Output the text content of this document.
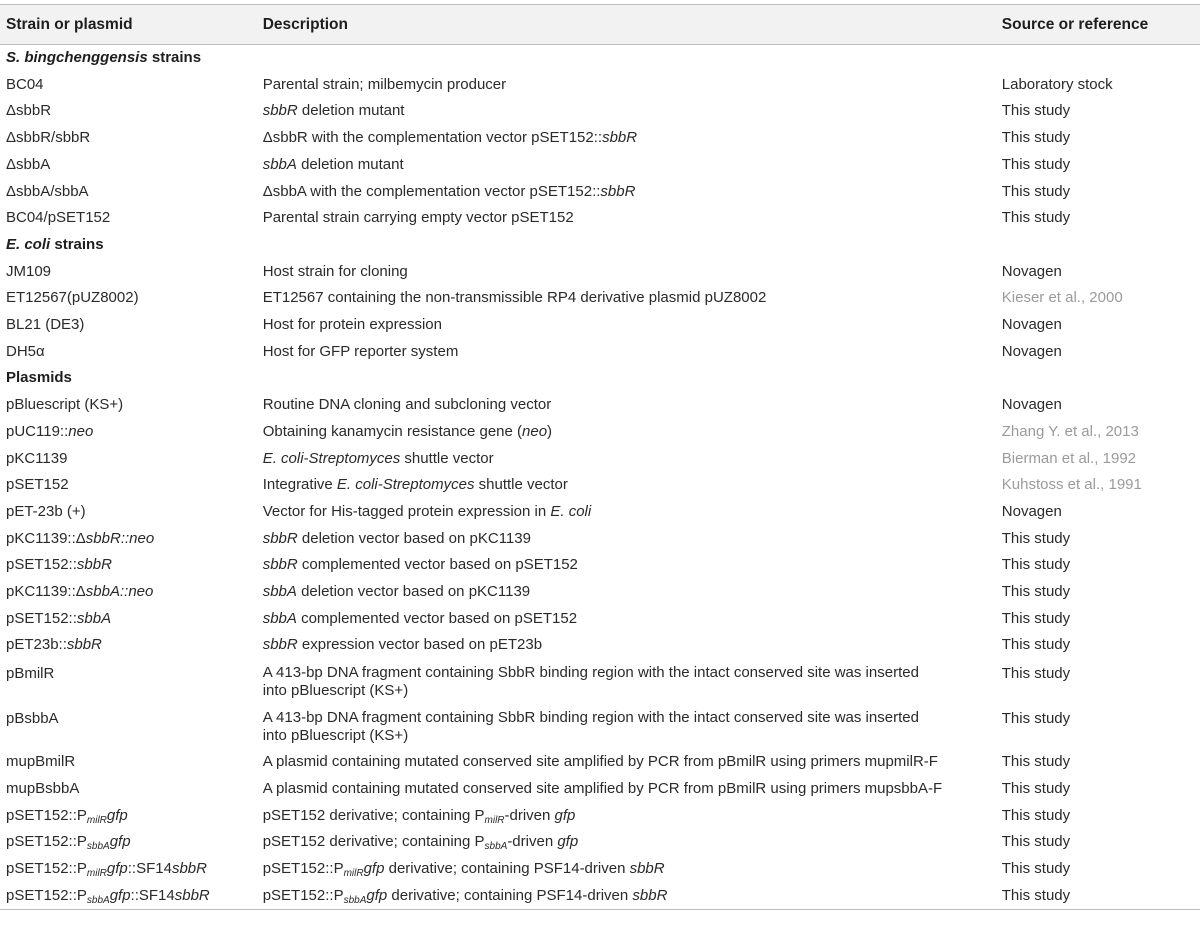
Strain or plasmid	Description	Source or reference
S. bingchenggensis strains		
BC04	Parental strain; milbemycin producer	Laboratory stock
ΔsbbR	sbbR deletion mutant	This study
ΔsbbR/sbbR	ΔsbbR with the complementation vector pSET152::sbbR	This study
ΔsbbA	sbbA deletion mutant	This study
ΔsbbA/sbbA	ΔsbbA with the complementation vector pSET152::sbbR	This study
BC04/pSET152	Parental strain carrying empty vector pSET152	This study
E. coli strains		
JM109	Host strain for cloning	Novagen
ET12567(pUZ8002)	ET12567 containing the non-transmissible RP4 derivative plasmid pUZ8002	Kieser et al., 2000
BL21 (DE3)	Host for protein expression	Novagen
DH5α	Host for GFP reporter system	Novagen
Plasmids		
pBluescript (KS+)	Routine DNA cloning and subcloning vector	Novagen
pUC119::neo	Obtaining kanamycin resistance gene (neo)	Zhang Y. et al., 2013
pKC1139	E. coli-Streptomyces shuttle vector	Bierman et al., 1992
pSET152	Integrative E. coli-Streptomyces shuttle vector	Kuhstoss et al., 1991
pET-23b (+)	Vector for His-tagged protein expression in E. coli	Novagen
pKC1139::ΔsbbR::neo	sbbR deletion vector based on pKC1139	This study
pSET152::sbbR	sbbR complemented vector based on pSET152	This study
pKC1139::ΔsbbA::neo	sbbA deletion vector based on pKC1139	This study
pSET152::sbbA	sbbA complemented vector based on pSET152	This study
pET23b::sbbR	sbbR expression vector based on pET23b	This study
pBmilR	A 413-bp DNA fragment containing SbbR binding region with the intact conserved site was inserted
into pBluescript (KS+)	This study
pBsbbA	A 413-bp DNA fragment containing SbbR binding region with the intact conserved site was inserted
into pBluescript (KS+)	This study
mupBmilR	A plasmid containing mutated conserved site amplified by PCR from pBmilR using primers mupmilR-F	This study
mupBsbbA	A plasmid containing mutated conserved site amplified by PCR from pBmilR using primers mupsbbA-F	This study
$pSET152::P_{milR}gfp$	pSET152 derivative; containing $P_{milR}$-driven gfp	This study
$pSET152::P_{sbbA}gfp$	pSET152 derivative; containing $P_{sbbA}$-driven gfp	This study
$pSET152::P_{milR}gfp::SF14sbbR$	$pSET152::P_{milR}gfp$ derivative; containing PSF14-driven sbbR	This study
$pSET152::P_{sbbA}gfp::SF14sbbR$	$pSET152::P_{sbbA}gfp$ derivative; containing PSF14-driven sbbR	This study
